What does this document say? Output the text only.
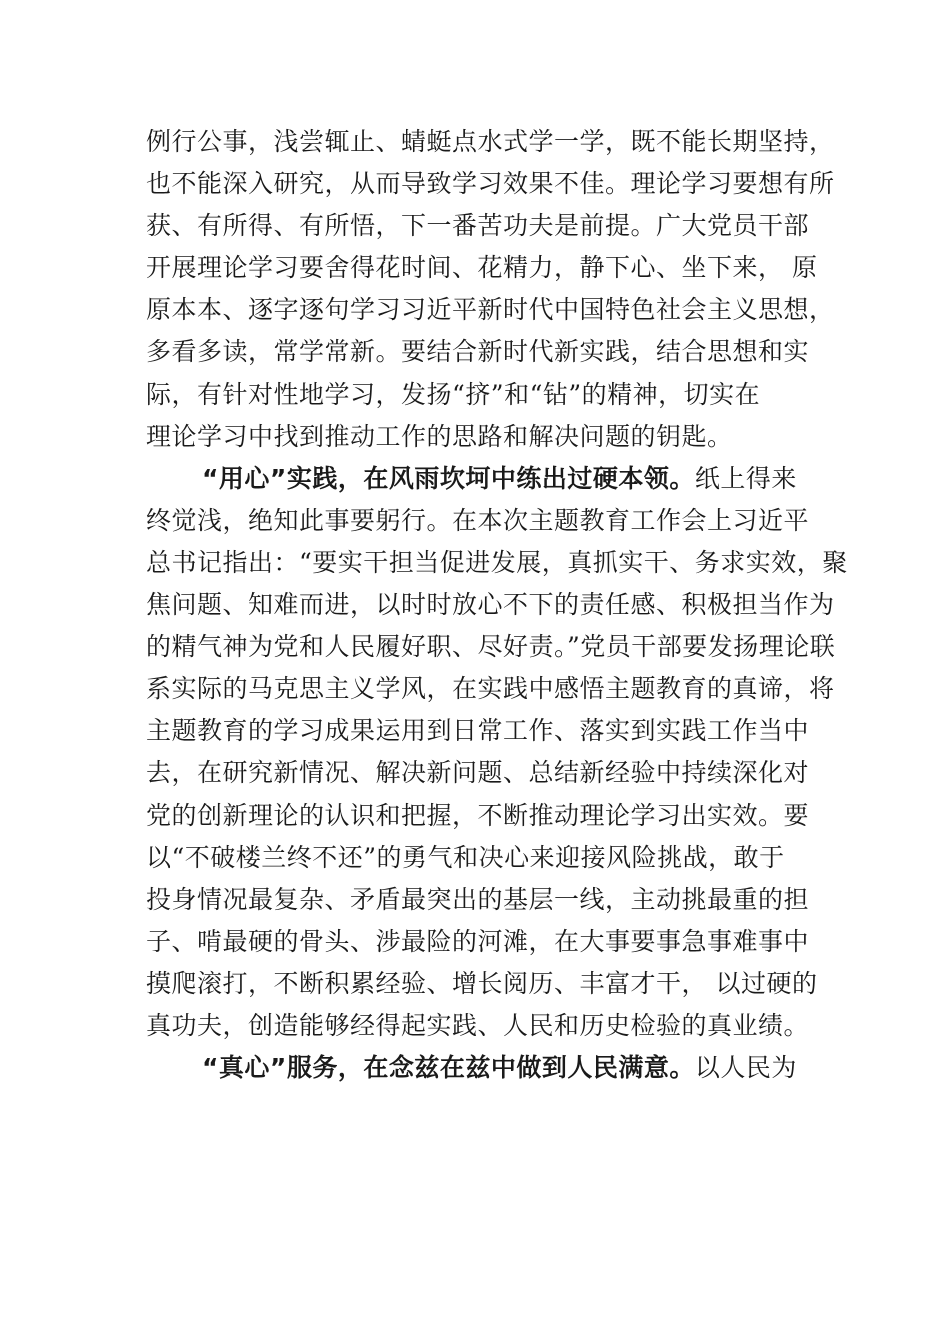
例行公事，浅尝辄止、蜻蜓点水式学一学，既不能长期坚持，
也不能深入研究，从而导致学习效果不佳。理论学习要想有所
获、有所得、有所悟，下一番苦功夫是前提。广大党员干部
开展理论学习要舍得花时间、花精力，静下心、坐下来， 原
原本本、逐字逐句学习习近平新时代中国特色社会主义思想，
多看多读，常学常新。要结合新时代新实践，结合思想和实
际，有针对性地学习，发扬“挤”和“钻”的精神，切实在
理论学习中找到推动工作的思路和解决问题的钥匙。
“用心”实践，在风雨坎坷中练出过硬本领。纸上得来
终觉浅，绝知此事要躬行。在本次主题教育工作会上习近平
总书记指出：“要实干担当促进发展，真抓实干、务求实效，聚
焦问题、知难而进，以时时放心不下的责任感、积极担当作为
的精气神为党和人民履好职、尽好责。”党员干部要发扬理论联
系实际的马克思主义学风，在实践中感悟主题教育的真谛，将
主题教育的学习成果运用到日常工作、落实到实践工作当中
去，在研究新情况、解决新问题、总结新经验中持续深化对
党的创新理论的认识和把握，不断推动理论学习出实效。要
以“不破楼兰终不还”的勇气和决心来迎接风险挑战，敢于
投身情况最复杂、矛盾最突出的基层一线，主动挑最重的担
子、啃最硬的骨头、涉最险的河滩，在大事要事急事难事中
摸爬滚打，不断积累经验、增长阅历、丰富才干， 以过硬的
真功夫，创造能够经得起实践、人民和历史检验的真业绩。
“真心”服务，在念兹在兹中做到人民满意。以人民为
